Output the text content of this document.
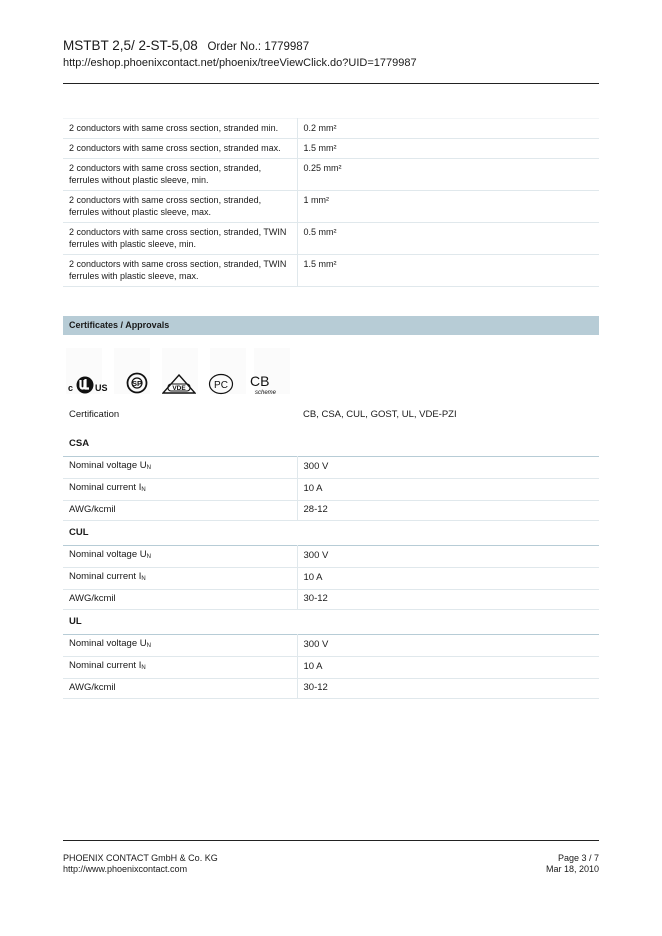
MSTBT 2,5/ 2-ST-5,08 Order No.: 1779987
http://eshop.phoenixcontact.net/phoenix/treeViewClick.do?UID=1779987
2 conductors with same cross section, stranded min.	0.2 mm²
2 conductors with same cross section, stranded max.	1.5 mm²
2 conductors with same cross section, stranded, ferrules without plastic sleeve, min.	0.25 mm²
2 conductors with same cross section, stranded, ferrules without plastic sleeve, max.	1 mm²
2 conductors with same cross section, stranded, TWIN ferrules with plastic sleeve, min.	0.5 mm²
2 conductors with same cross section, stranded, TWIN ferrules with plastic sleeve, max.	1.5 mm²
Certificates / Approvals
c US	SP
VDE	PC CB
scheme
Certification	CB, CSA, CUL, GOST, UL, VDE-PZI
CSA
Nominal voltage $U_N$	300 V
Nominal current $I_N$	10 A
AWG/kcmil	28-12
CUL
Nominal voltage $U_N$	300 V
Nominal current $I_N$	10 A
AWG/kcmil	30-12
UL
Nominal voltage $U_N$	300 V
Nominal current $I_N$	10 A
AWG/kcmil	30-12
PHOENIX CONTACT GmbH & Co. KG
http://www.phoenixcontact.com
Page 3 / 7
Mar 18, 2010
